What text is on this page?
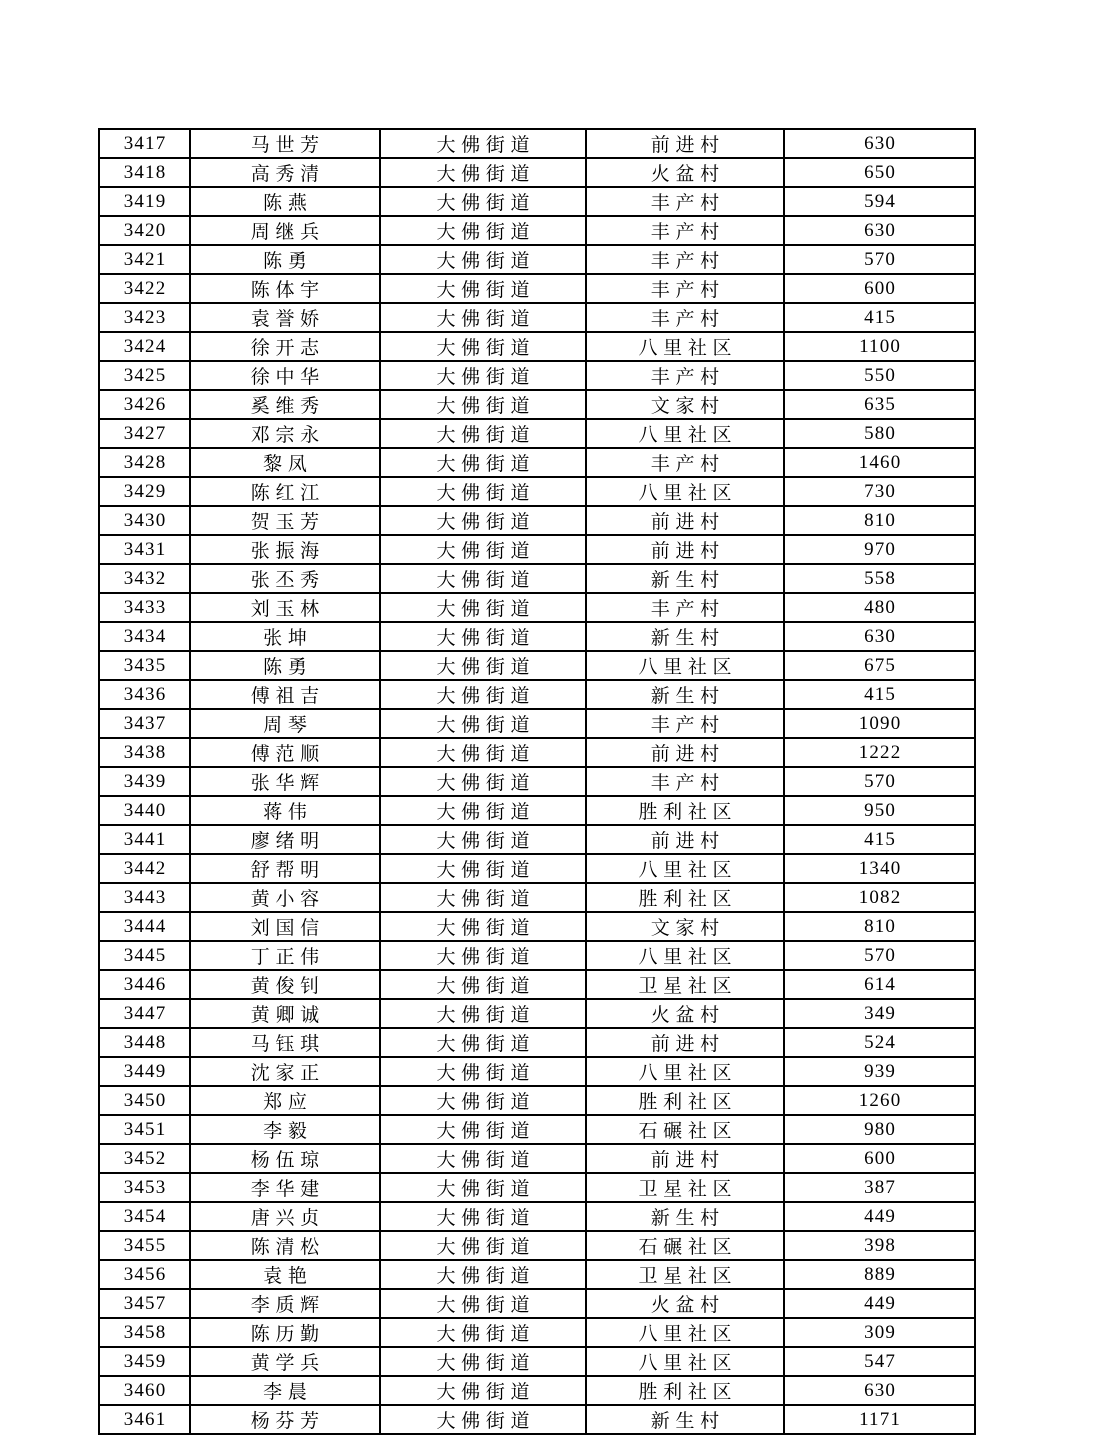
3417	马世芳	大佛街道	前进村	630
3418	高秀清	大佛街道	火盆村	650
3419	陈燕	大佛街道	丰产村	594
3420	周继兵	大佛街道	丰产村	630
3421	陈勇	大佛街道	丰产村	570
3422	陈体宇	大佛街道	丰产村	600
3423	袁誉娇	大佛街道	丰产村	415
3424	徐开志	大佛街道	八里社区	1100
3425	徐中华	大佛街道	丰产村	550
3426	奚维秀	大佛街道	文家村	635
3427	邓宗永	大佛街道	八里社区	580
3428	黎凤	大佛街道	丰产村	1460
3429	陈红江	大佛街道	八里社区	730
3430	贺玉芳	大佛街道	前进村	810
3431	张振海	大佛街道	前进村	970
3432	张丕秀	大佛街道	新生村	558
3433	刘玉林	大佛街道	丰产村	480
3434	张坤	大佛街道	新生村	630
3435	陈勇	大佛街道	八里社区	675
3436	傅祖吉	大佛街道	新生村	415
3437	周琴	大佛街道	丰产村	1090
3438	傅范顺	大佛街道	前进村	1222
3439	张华辉	大佛街道	丰产村	570
3440	蒋伟	大佛街道	胜利社区	950
3441	廖绪明	大佛街道	前进村	415
3442	舒帮明	大佛街道	八里社区	1340
3443	黄小容	大佛街道	胜利社区	1082
3444	刘国信	大佛街道	文家村	810
3445	丁正伟	大佛街道	八里社区	570
3446	黄俊钊	大佛街道	卫星社区	614
3447	黄卿诚	大佛街道	火盆村	349
3448	马钰琪	大佛街道	前进村	524
3449	沈家正	大佛街道	八里社区	939
3450	郑应	大佛街道	胜利社区	1260
3451	李毅	大佛街道	石碾社区	980
3452	杨伍琼	大佛街道	前进村	600
3453	李华建	大佛街道	卫星社区	387
3454	唐兴贞	大佛街道	新生村	449
3455	陈清松	大佛街道	石碾社区	398
3456	袁艳	大佛街道	卫星社区	889
3457	李质辉	大佛街道	火盆村	449
3458	陈历勤	大佛街道	八里社区	309
3459	黄学兵	大佛街道	八里社区	547
3460	李晨	大佛街道	胜利社区	630
3461	杨芬芳	大佛街道	新生村	1171
